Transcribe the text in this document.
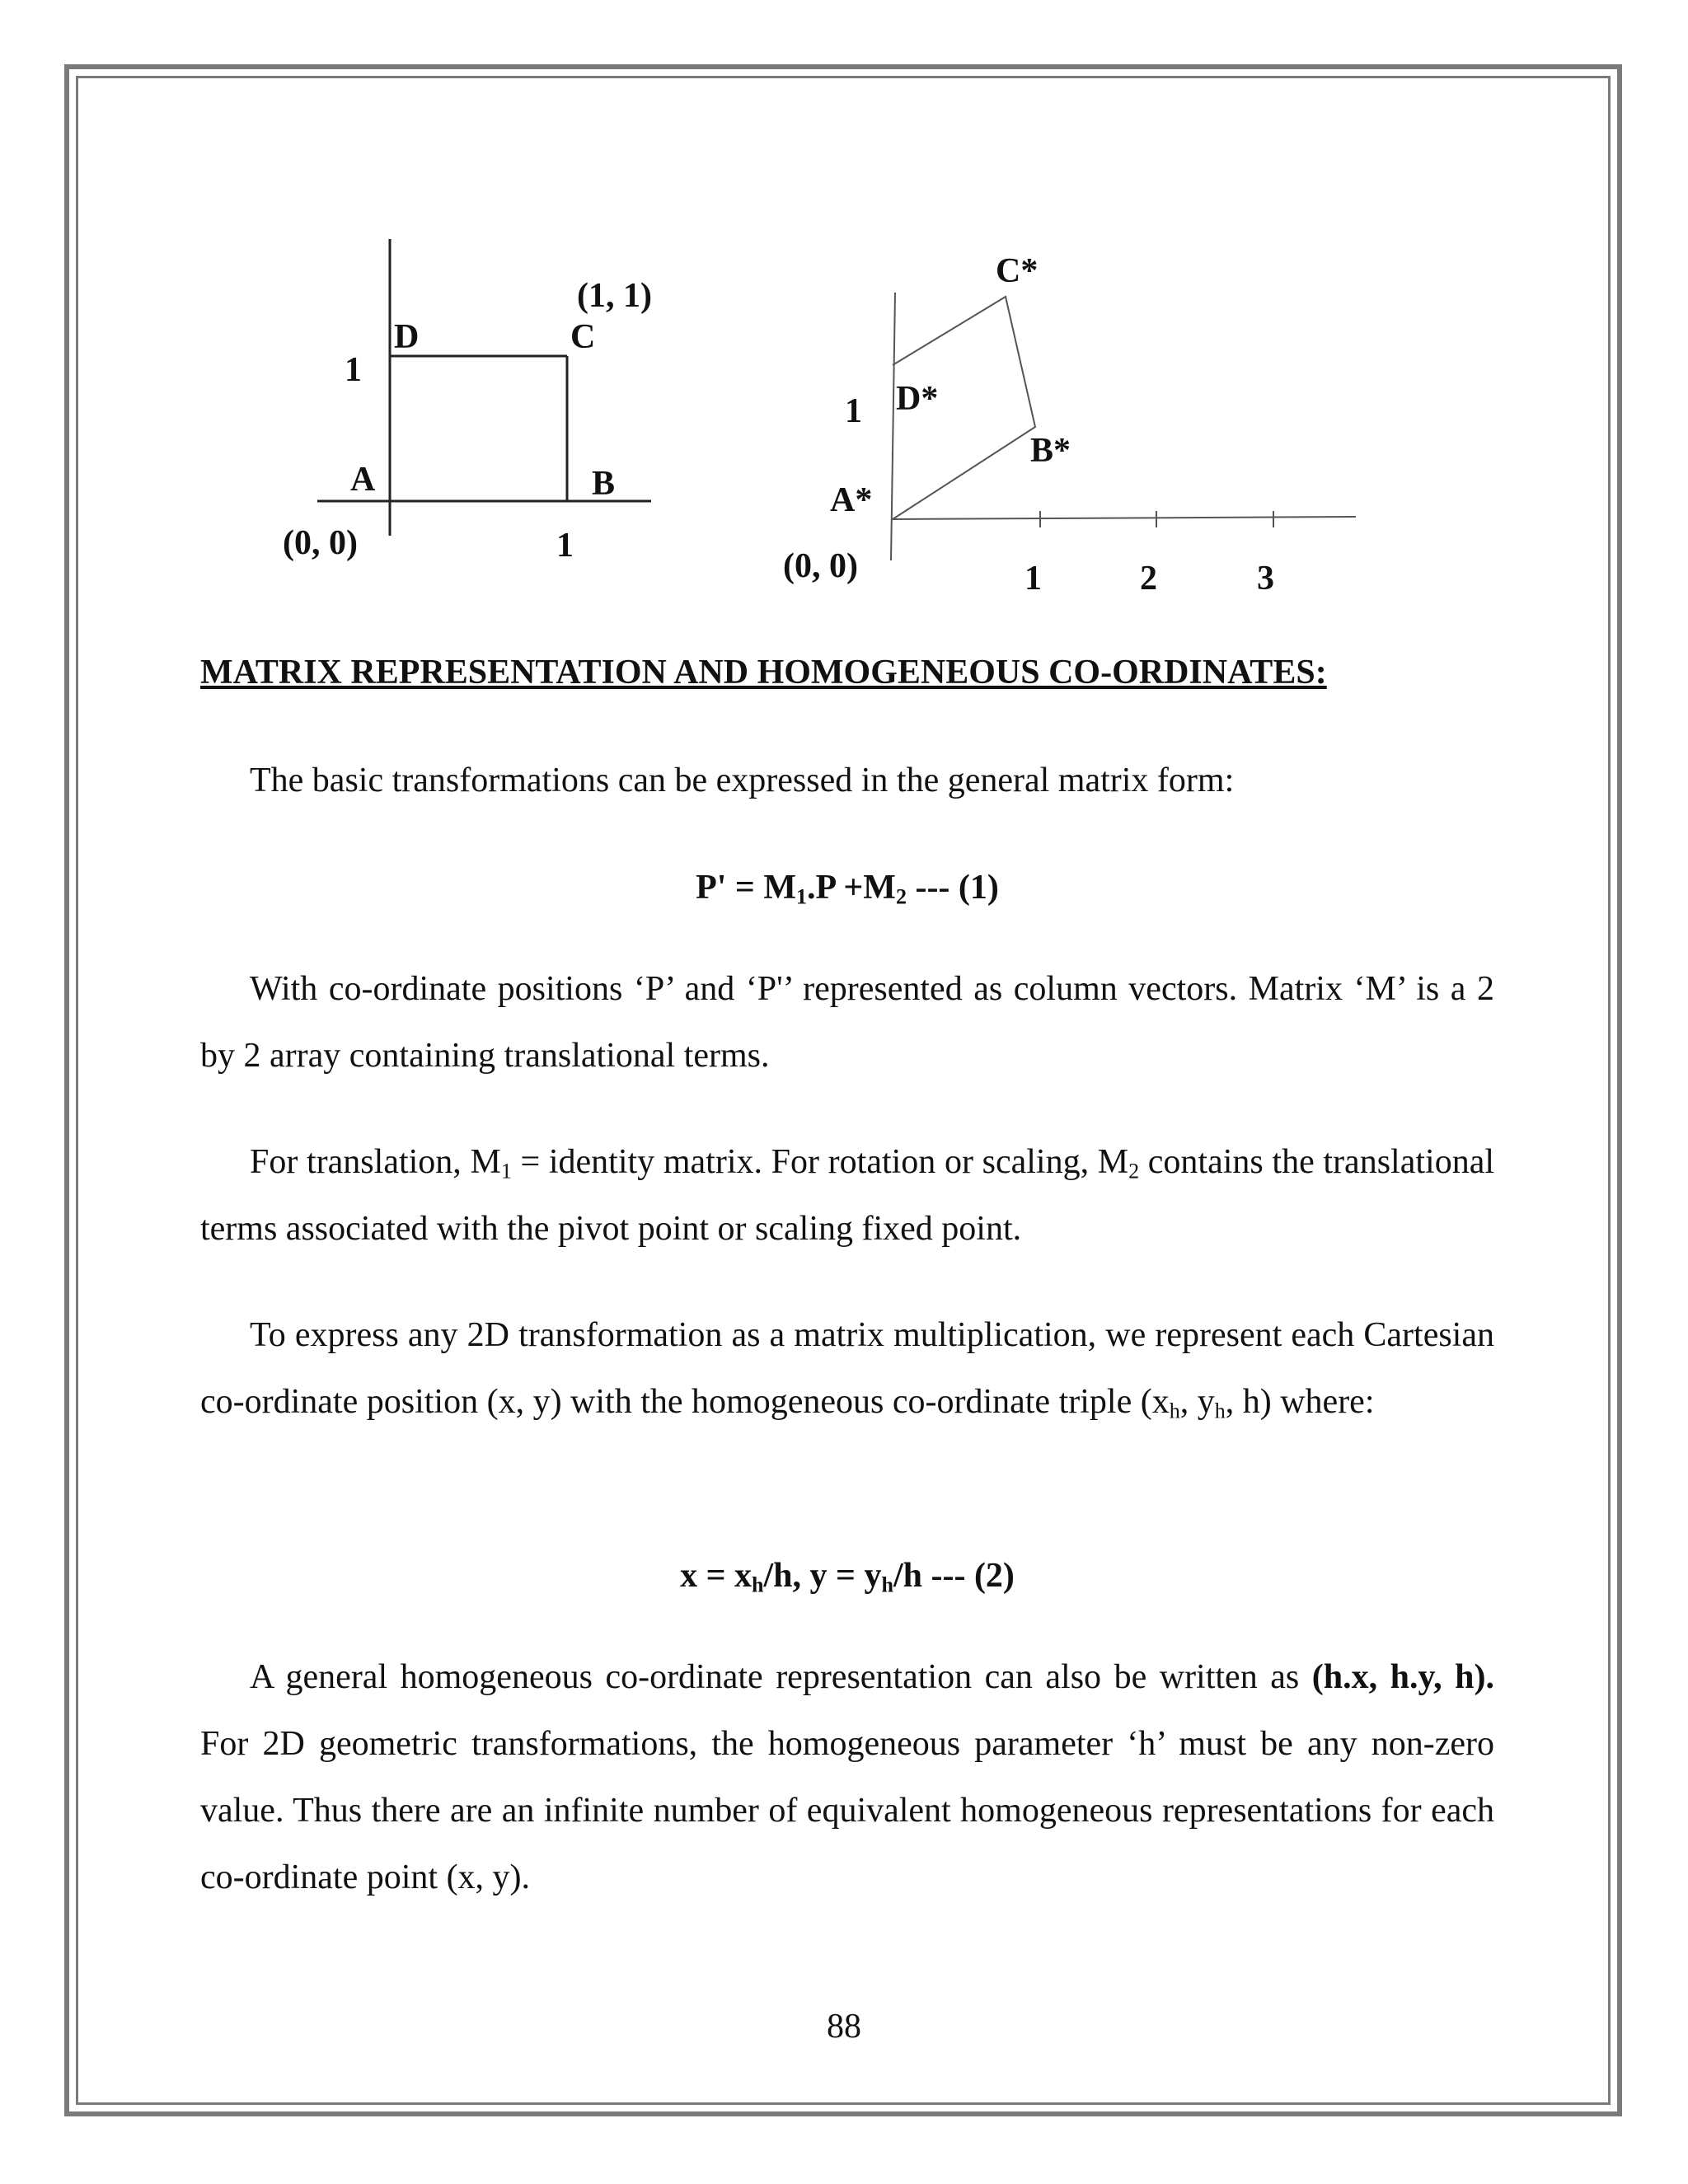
D	C
A	B
1
1
(0, 0)
(1, 1)
C*
D*
B*
A*
1
(0, 0)	1	2	3
MATRIX REPRESENTATION AND HOMOGENEOUS CO-ORDINATES:

The basic transformations can be expressed in the general matrix form:

$P' = M_1.P +M_2$ --- (1)

With co-ordinate positions ‘P’ and ‘P'’ represented as column vectors. Matrix ‘M’ is a 2 by 2 array containing translational terms.

For translation, $M_1$ = identity matrix. For rotation or scaling, $M_2$ contains the translational terms associated with the pivot point or scaling fixed point.

To express any 2D transformation as a matrix multiplication, we represent each Cartesian co-ordinate position (x, y) with the homogeneous co-ordinate triple ($x_h$, $y_h$, h) where:

$x = x_h/h$, $y = y_h/h$ --- (2)

A general homogeneous co-ordinate representation can also be written as (h.x, h.y, h). For 2D geometric transformations, the homogeneous parameter ‘h’ must be any non-zero value. Thus there are an infinite number of equivalent homogeneous representations for each co-ordinate point (x, y).

88
